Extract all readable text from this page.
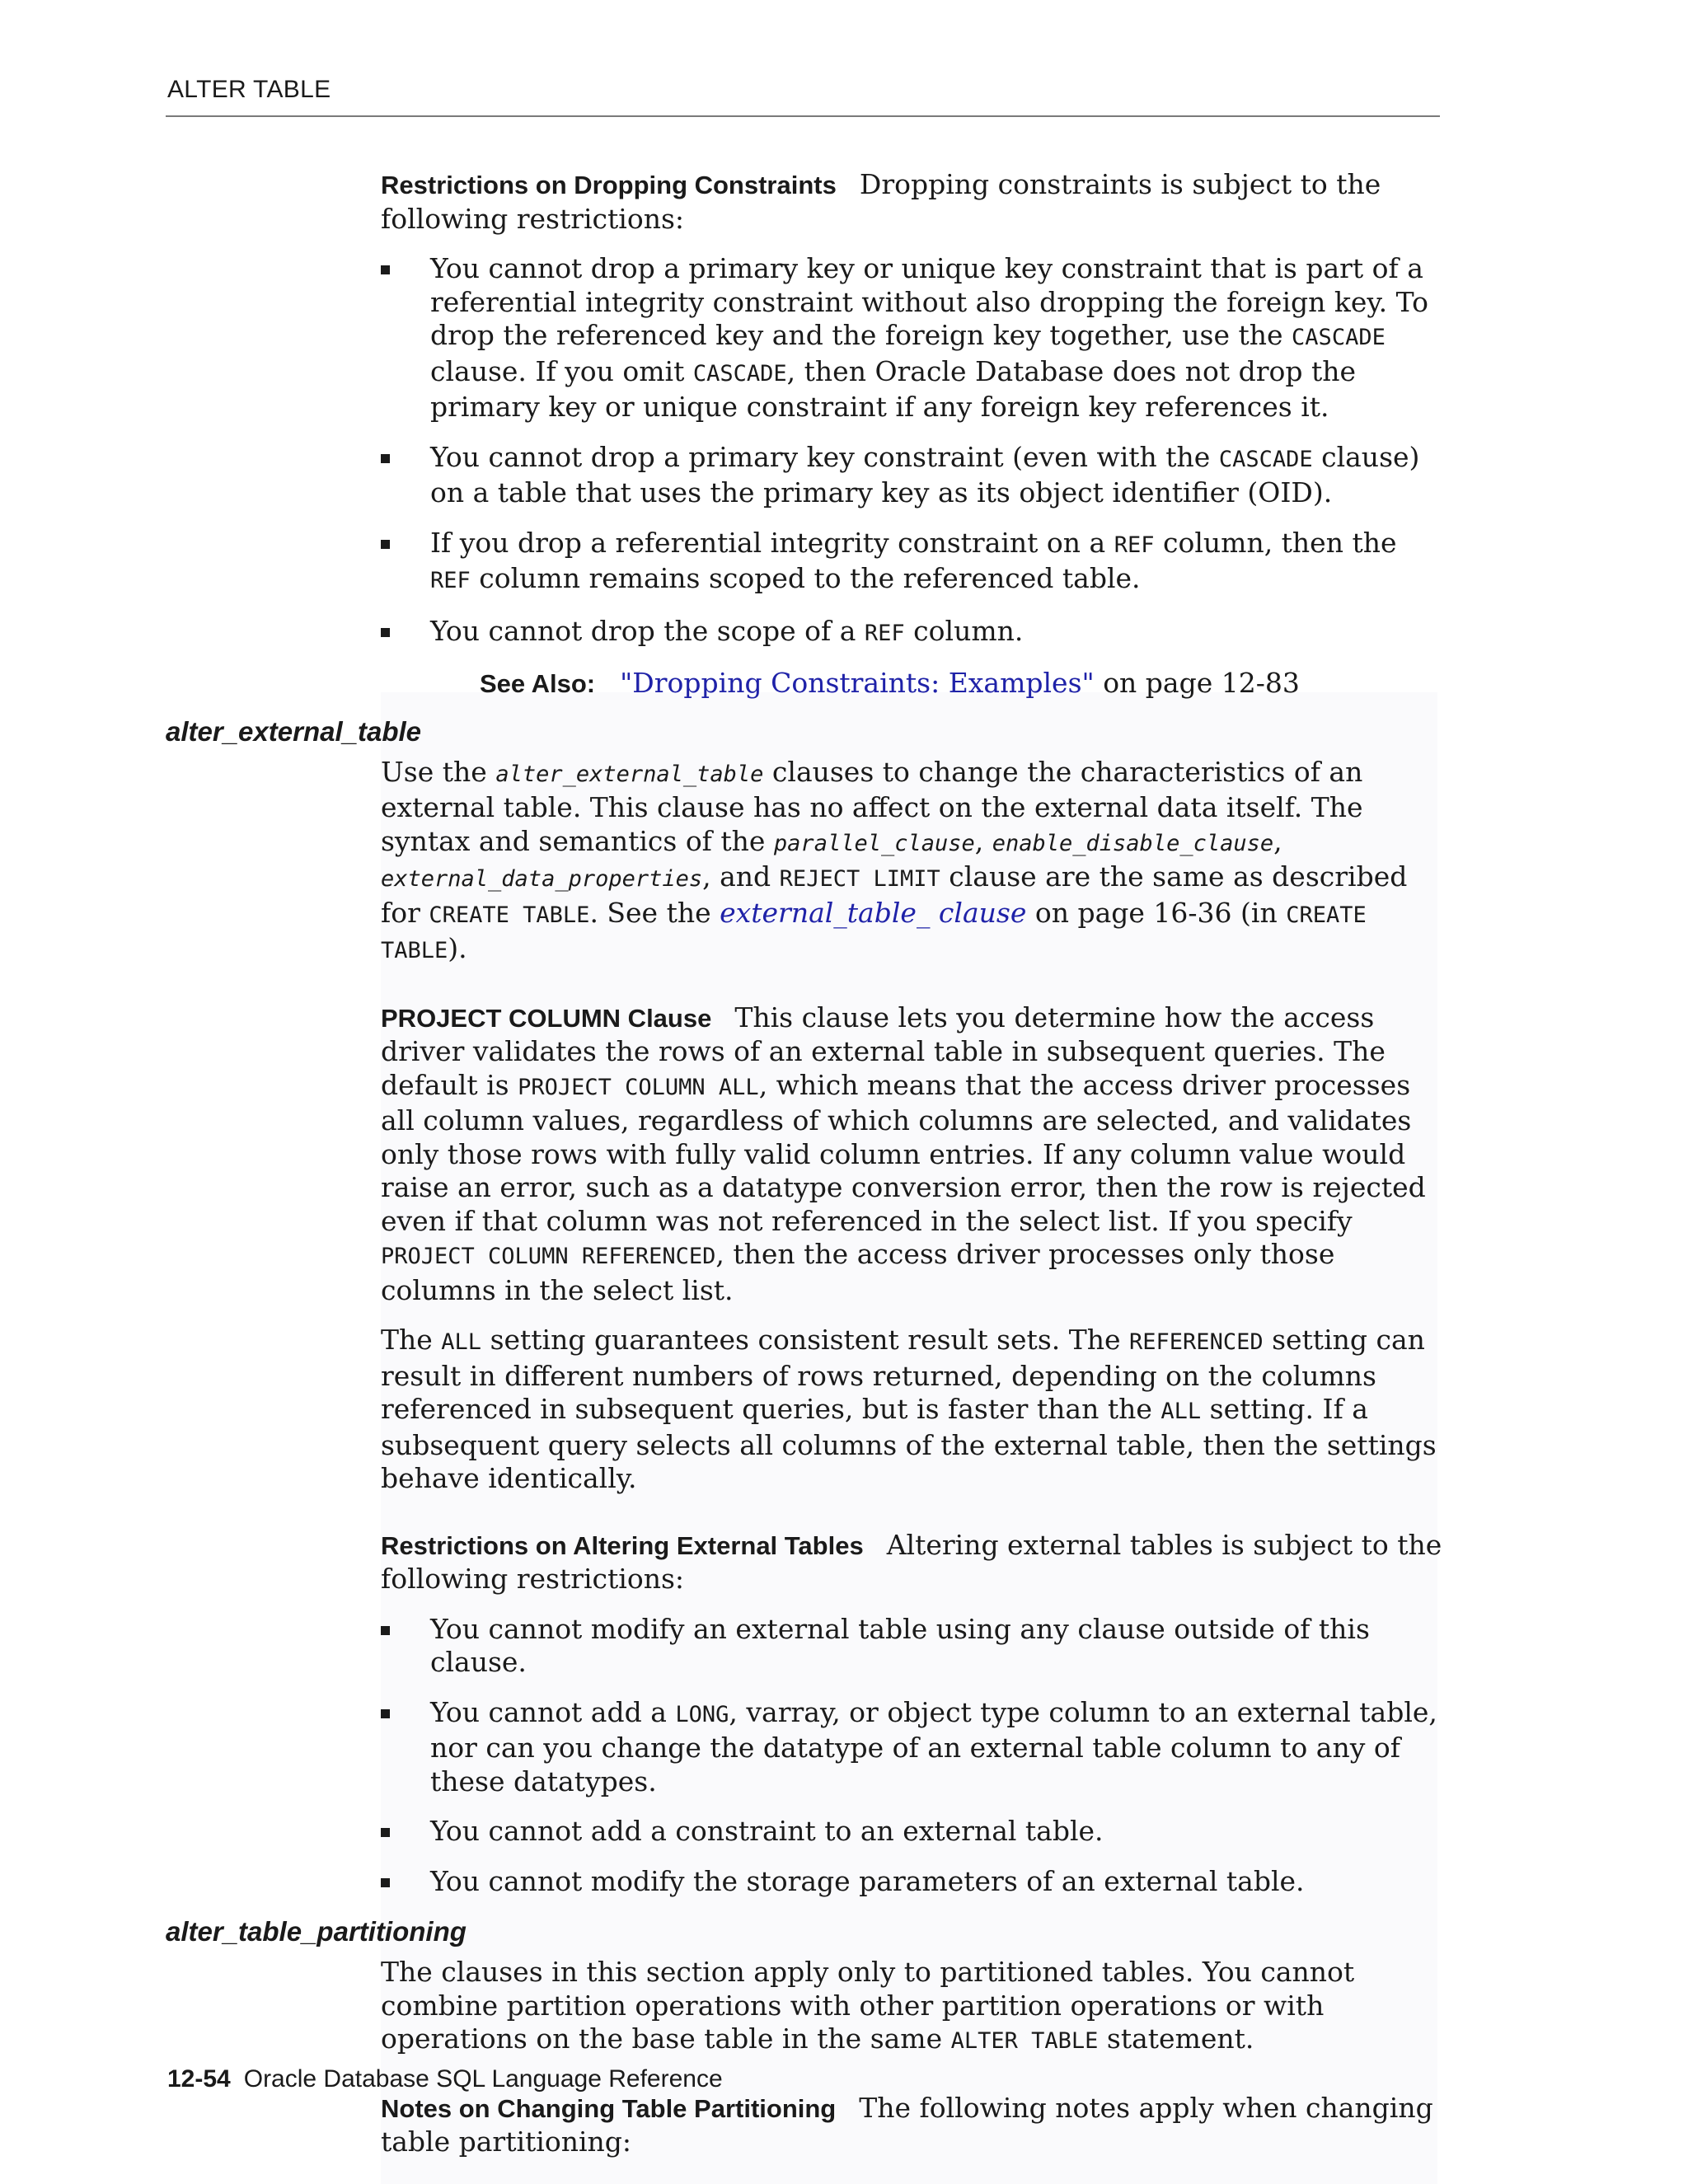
ALTER TABLE

Restrictions on Dropping Constraints Dropping constraints is subject to the following restrictions:

You cannot drop a primary key or unique key constraint that is part of a referential integrity constraint without also dropping the foreign key. To drop the referenced key and the foreign key together, use the CASCADE clause. If you omit CASCADE, then Oracle Database does not drop the primary key or unique constraint if any foreign key references it.
You cannot drop a primary key constraint (even with the CASCADE clause) on a table that uses the primary key as its object identifier (OID).
If you drop a referential integrity constraint on a REF column, then the REF column remains scoped to the referenced table.
You cannot drop the scope of a REF column.

See Also: "Dropping Constraints: Examples" on page 12-83

alter_external_table

Use the alter_external_table clauses to change the characteristics of an external table. This clause has no affect on the external data itself. The syntax and semantics of the parallel_clause, enable_disable_clause, external_data_properties, and REJECT LIMIT clause are the same as described for CREATE TABLE. See the external_table_ clause on page 16-36 (in CREATE TABLE).

PROJECT COLUMN Clause This clause lets you determine how the access driver validates the rows of an external table in subsequent queries. The default is PROJECT COLUMN ALL, which means that the access driver processes all column values, regardless of which columns are selected, and validates only those rows with fully valid column entries. If any column value would raise an error, such as a datatype conversion error, then the row is rejected even if that column was not referenced in the select list. If you specify PROJECT COLUMN REFERENCED, then the access driver processes only those columns in the select list.

The ALL setting guarantees consistent result sets. The REFERENCED setting can result in different numbers of rows returned, depending on the columns referenced in subsequent queries, but is faster than the ALL setting. If a subsequent query selects all columns of the external table, then the settings behave identically.

Restrictions on Altering External Tables Altering external tables is subject to the following restrictions:

You cannot modify an external table using any clause outside of this clause.
You cannot add a LONG, varray, or object type column to an external table, nor can you change the datatype of an external table column to any of these datatypes.
You cannot add a constraint to an external table.
You cannot modify the storage parameters of an external table.
alter_table_partitioning

The clauses in this section apply only to partitioned tables. You cannot combine partition operations with other partition operations or with operations on the base table in the same ALTER TABLE statement.

Notes on Changing Table Partitioning The following notes apply when changing table partitioning:

12-54 Oracle Database SQL Language Reference
